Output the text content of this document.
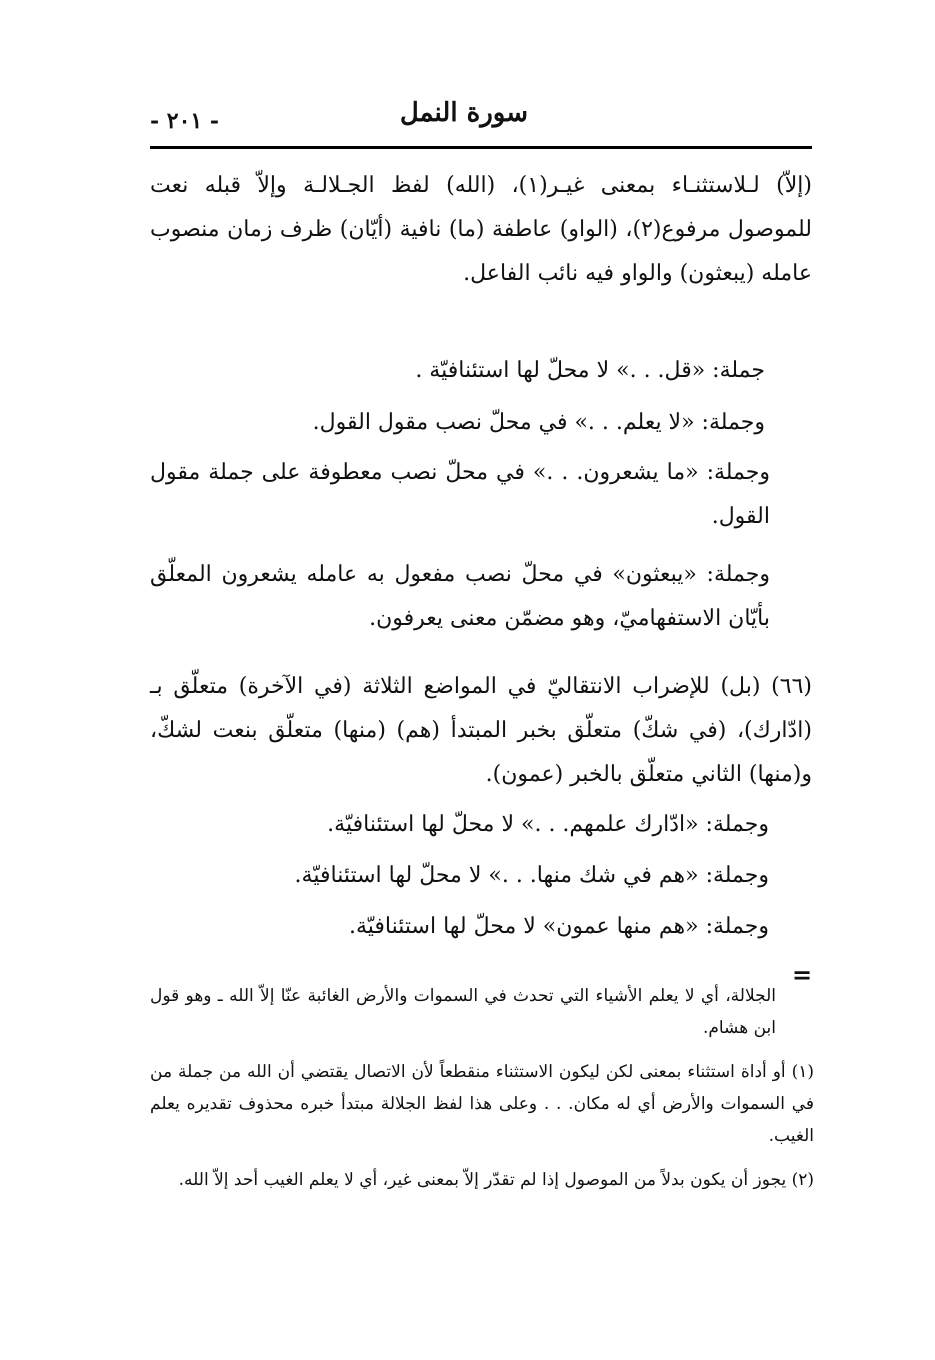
سورة النمل
- ٢٠١ -
(إلاّ) لـلاستثنـاء بمعنى غيـر(١)، (الله) لفظ الجـلالـة وإلاّ قبله نعت للموصول مرفوع(٢)، (الواو) عاطفة (ما) نافية (أيّان) ظرف زمان منصوب عامله (يبعثون) والواو فيه نائب الفاعل.
جملة: «قل. . .» لا محلّ لها استئنافيّة .
وجملة: «لا يعلم. . .» في محلّ نصب مقول القول.
وجملة: «ما يشعرون. . .» في محلّ نصب معطوفة على جملة مقول القول.
وجملة: «يبعثون» في محلّ نصب مفعول به عامله يشعرون المعلّق بأيّان الاستفهاميّ، وهو مضمّن معنى يعرفون.
(٦٦) (بل) للإضراب الانتقاليّ في المواضع الثلاثة (في الآخرة) متعلّق بـ (ادّارك)، (في شكّ) متعلّق بخبر المبتدأ (هم) (منها) متعلّق بنعت لشكّ، و(منها) الثاني متعلّق بالخبر (عمون).
وجملة: «ادّارك علمهم. . .» لا محلّ لها استئنافيّة.
وجملة: «هم في شك منها. . .» لا محلّ لها استئنافيّة.
وجملة: «هم منها عمون» لا محلّ لها استئنافيّة.
=
الجلالة، أي لا يعلم الأشياء التي تحدث في السموات والأرض الغائبة عنّا إلاّ الله ـ وهو قول ابن هشام.
(١) أو أداة استثناء بمعنى لكن ليكون الاستثناء منقطعاً لأن الاتصال يقتضي أن الله من جملة من في السموات والأرض أي له مكان. . . وعلى هذا لفظ الجلالة مبتدأ خبره محذوف تقديره يعلم الغيب.
(٢) يجوز أن يكون بدلاً من الموصول إذا لم تقدّر إلاّ بمعنى غير، أي لا يعلم الغيب أحد إلاّ الله.
